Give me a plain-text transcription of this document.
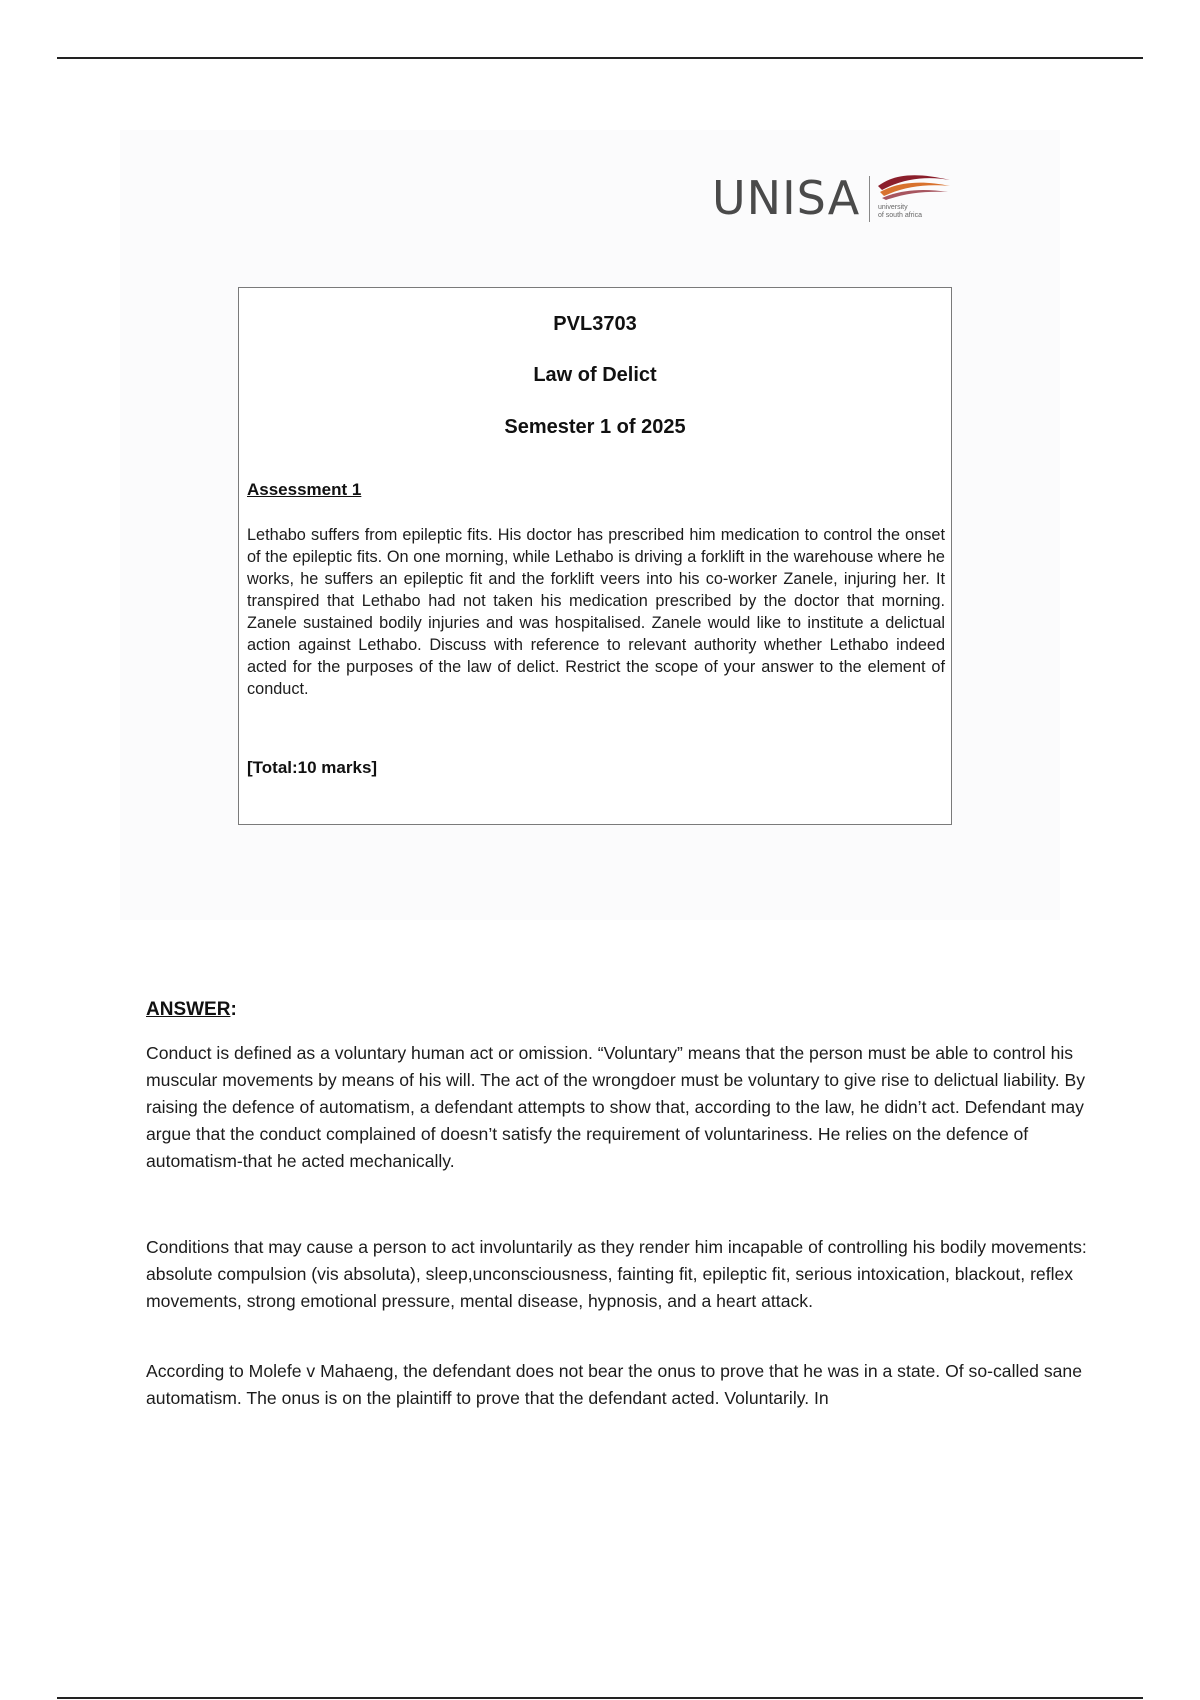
UNISA	university
of south africa
PVL3703
Law of Delict
Semester 1 of 2025
Assessment 1
Lethabo suffers from epileptic fits. His doctor has prescribed him medication to control the onset of the epileptic fits. On one morning, while Lethabo is driving a forklift in the warehouse where he works, he suffers an epileptic fit and the forklift veers into his co-worker Zanele, injuring her. It transpired that Lethabo had not taken his medication prescribed by the doctor that morning. Zanele sustained bodily injuries and was hospitalised. Zanele would like to institute a delictual action against Lethabo. Discuss with reference to relevant authority whether Lethabo indeed acted for the purposes of the law of delict. Restrict the scope of your answer to the element of conduct.
[Total:10 marks]
ANSWER:
Conduct is defined as a voluntary human act or omission. “Voluntary” means that the person must be able to control his muscular movements by means of his will. The act of the wrongdoer must be voluntary to give rise to delictual liability. By raising the defence of automatism, a defendant attempts to show that, according to the law, he didn’t act. Defendant may argue that the conduct complained of doesn’t satisfy the requirement of voluntariness. He relies on the defence of automatism-that he acted mechanically.
Conditions that may cause a person to act involuntarily as they render him incapable of controlling his bodily movements: absolute compulsion (vis absoluta), sleep,unconsciousness, fainting fit, epileptic fit, serious intoxication, blackout, reflex movements, strong emotional pressure, mental disease, hypnosis, and a heart attack.
According to Molefe v Mahaeng, the defendant does not bear the onus to prove that he was in a state. Of so-called sane automatism. The onus is on the plaintiff to prove that the defendant acted. Voluntarily. In
